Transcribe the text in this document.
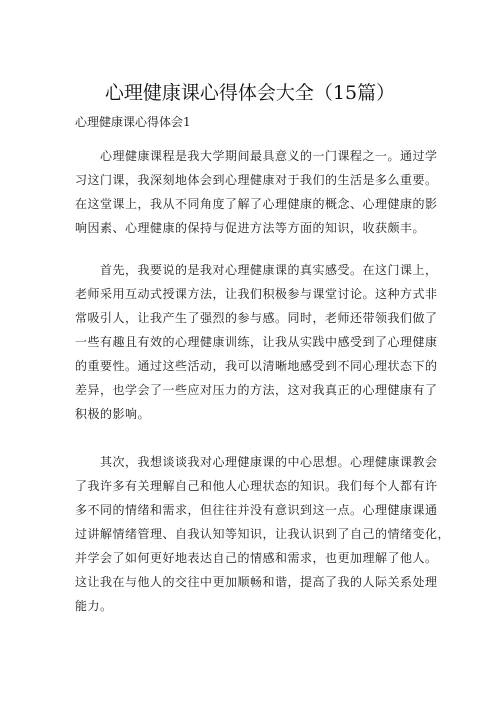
心理健康课心得体会大全（15篇）
心理健康课心得体会1
　　心理健康课程是我大学期间最具意义的一门课程之一。通过学
习这门课，我深刻地体会到心理健康对于我们的生活是多么重要。
在这堂课上，我从不同角度了解了心理健康的概念、心理健康的影
响因素、心理健康的保持与促进方法等方面的知识，收获颇丰。
　　首先，我要说的是我对心理健康课的真实感受。在这门课上，
老师采用互动式授课方法，让我们积极参与课堂讨论。这种方式非
常吸引人，让我产生了强烈的参与感。同时，老师还带领我们做了
一些有趣且有效的心理健康训练，让我从实践中感受到了心理健康
的重要性。通过这些活动，我可以清晰地感受到不同心理状态下的
差异，也学会了一些应对压力的方法，这对我真正的心理健康有了
积极的影响。
　　其次，我想谈谈我对心理健康课的中心思想。心理健康课教会
了我许多有关理解自己和他人心理状态的知识。我们每个人都有许
多不同的情绪和需求，但往往并没有意识到这一点。心理健康课通
过讲解情绪管理、自我认知等知识，让我认识到了自己的情绪变化，
并学会了如何更好地表达自己的情感和需求，也更加理解了他人。
这让我在与他人的交往中更加顺畅和谐，提高了我的人际关系处理
能力。
